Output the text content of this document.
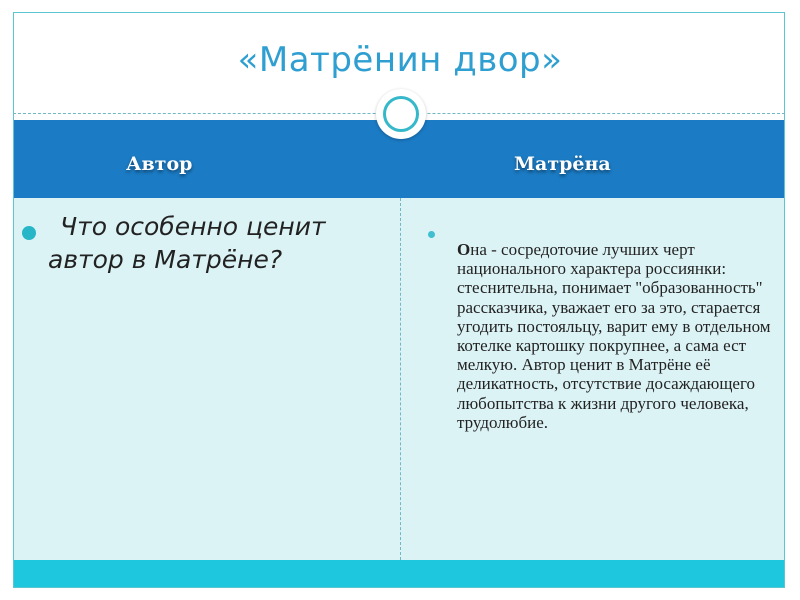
«Матрёнин двор»
Автор	Матрёна
Что особенно ценит автор в Матрёне?	Она - сосредоточие лучших черт национального характера россиянки: стеснительна, понимает "образованность" рассказчика, уважает его за это, старается угодить постояльцу, варит ему в отдельном котелке картошку покрупнее, а сама ест мелкую. Автор ценит в Матрёне её деликатность, отсутствие досаждающего любопытства к жизни другого человека, трудолюбие.
